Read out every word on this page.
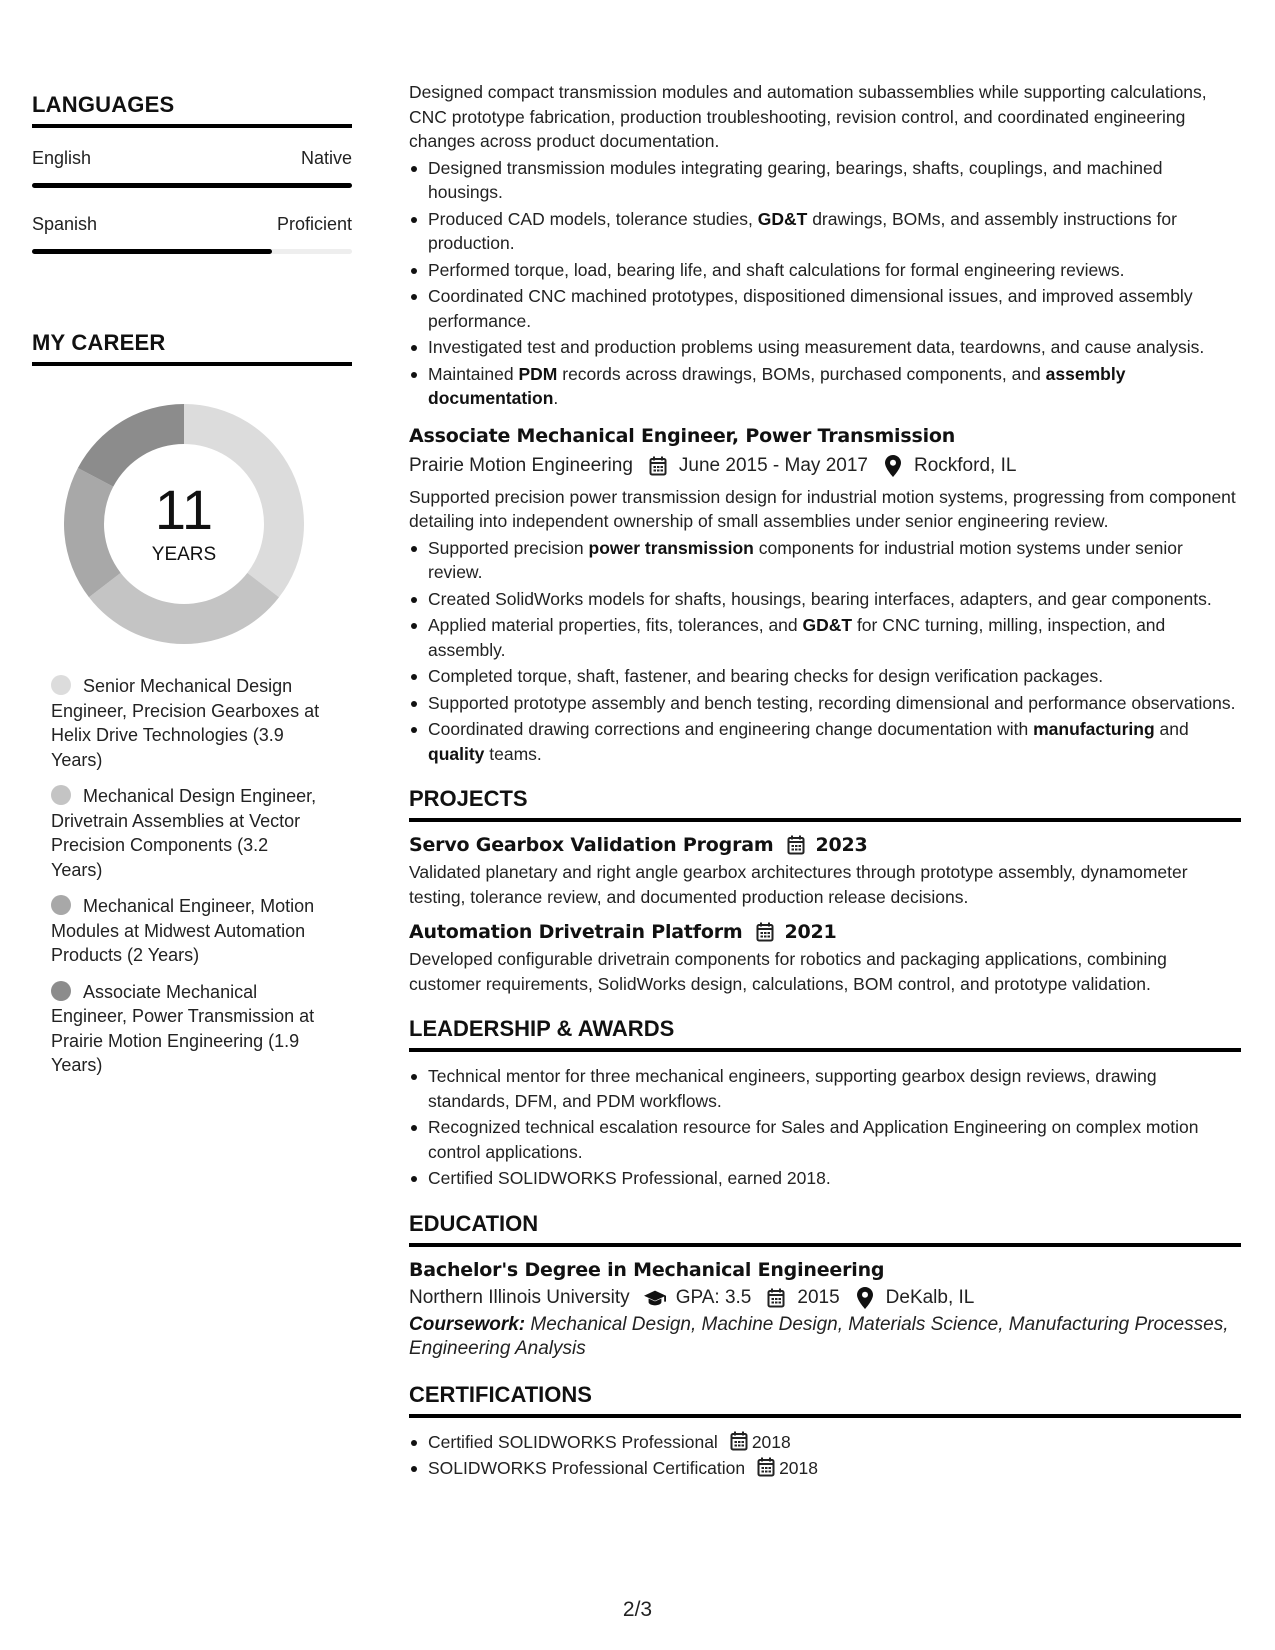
LANGUAGES
English	Native
Spanish	Proficient
MY CAREER
11
YEARS
Senior Mechanical Design Engineer, Precision Gearboxes at Helix Drive Technologies (3.9 Years)
Mechanical Design Engineer, Drivetrain Assemblies at Vector Precision Components (3.2 Years)
Mechanical Engineer, Motion Modules at Midwest Automation Products (2 Years)
Associate Mechanical Engineer, Power Transmission at Prairie Motion Engineering (1.9 Years)
Designed compact transmission modules and automation subassemblies while supporting calculations, CNC prototype fabrication, production troubleshooting, revision control, and coordinated engineering changes across product documentation.
Designed transmission modules integrating gearing, bearings, shafts, couplings, and machined housings.
Produced CAD models, tolerance studies, GD&T drawings, BOMs, and assembly instructions for production.
Performed torque, load, bearing life, and shaft calculations for formal engineering reviews.
Coordinated CNC machined prototypes, dispositioned dimensional issues, and improved assembly performance.
Investigated test and production problems using measurement data, teardowns, and cause analysis.
Maintained PDM records across drawings, BOMs, purchased components, and assembly documentation.
Associate Mechanical Engineer, Power Transmission
Prairie Motion Engineering June 2015 - May 2017 Rockford, IL
Supported precision power transmission design for industrial motion systems, progressing from component detailing into independent ownership of small assemblies under senior engineering review.
Supported precision power transmission components for industrial motion systems under senior review.
Created SolidWorks models for shafts, housings, bearing interfaces, adapters, and gear components.
Applied material properties, fits, tolerances, and GD&T for CNC turning, milling, inspection, and assembly.
Completed torque, shaft, fastener, and bearing checks for design verification packages.
Supported prototype assembly and bench testing, recording dimensional and performance observations.
Coordinated drawing corrections and engineering change documentation with manufacturing and quality teams.
PROJECTS
Servo Gearbox Validation Program 2023
Validated planetary and right angle gearbox architectures through prototype assembly, dynamometer testing, tolerance review, and documented production release decisions.
Automation Drivetrain Platform 2021
Developed configurable drivetrain components for robotics and packaging applications, combining customer requirements, SolidWorks design, calculations, BOM control, and prototype validation.
LEADERSHIP & AWARDS
Technical mentor for three mechanical engineers, supporting gearbox design reviews, drawing standards, DFM, and PDM workflows.
Recognized technical escalation resource for Sales and Application Engineering on complex motion control applications.
Certified SOLIDWORKS Professional, earned 2018.
EDUCATION
Bachelor's Degree in Mechanical Engineering
Northern Illinois University GPA: 3.5 2015 DeKalb, IL
Coursework: Mechanical Design, Machine Design, Materials Science, Manufacturing Processes, Engineering Analysis
CERTIFICATIONS
Certified SOLIDWORKS Professional 2018
SOLIDWORKS Professional Certification 2018
2/3
